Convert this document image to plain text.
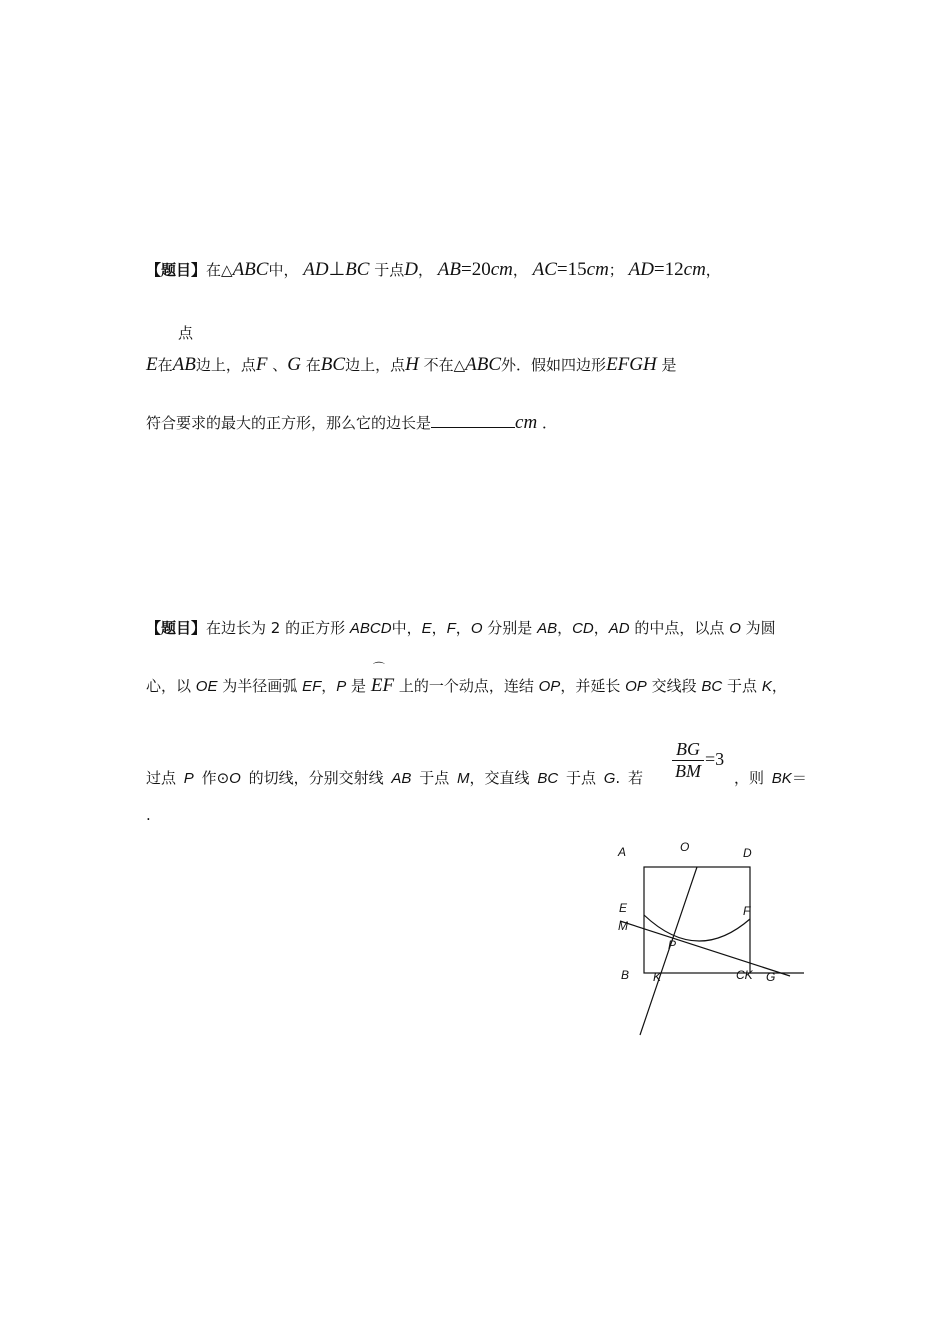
【题目】在△ABC中， AD⊥BC 于点D， AB=20cm， AC=15cm； AD=12cm，
点
E在AB边上，点F 、G 在BC边上，点H 不在△ABC外．假如四边形EFGH 是
符合要求的最大的正方形，那么它的边长是	cm ．
【题目】在边长为 2 的正方形 ABCD中，E，F，O 分别是 AB，CD，AD 的中点，以点 O 为圆
心，以 OE 为半径画弧 EF，P 是
⌒
EF 上的一个动点，连结 OP，并延长 OP 交线段 BC 于点 K，
过点 P 作⊙O 的切线，分别交射线 AB 于点 M，交直线 BC 于点 G. 若 $\frac{BG}{BM} =3$
，则 BK＝
.
A	O	D
E	F
M
P
B K	CK G
